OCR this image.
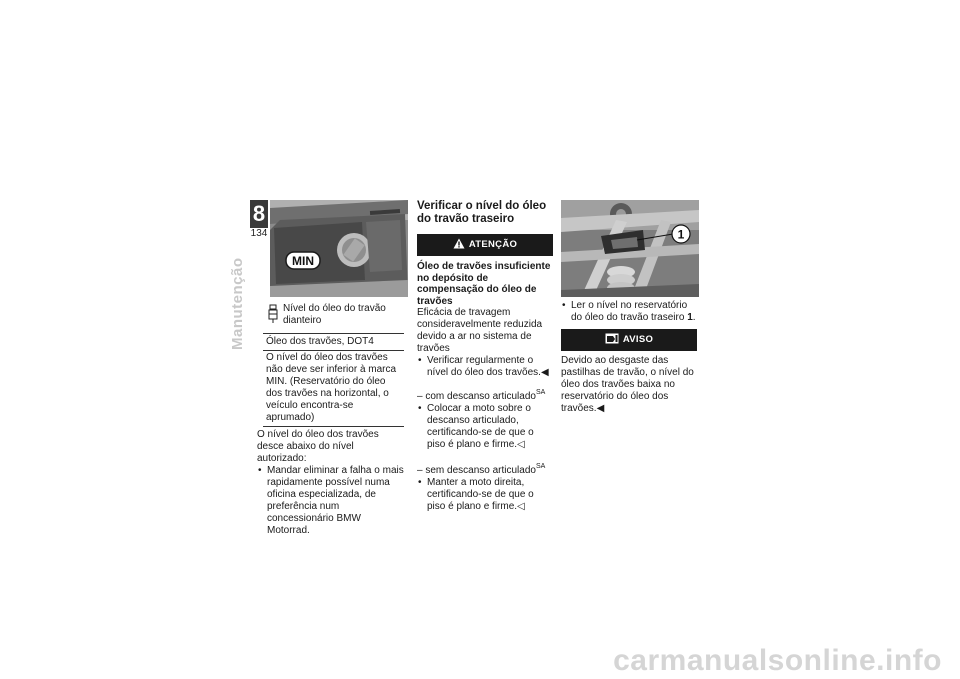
8
134
Manutenção	MIN
Nível do óleo do travão dianteiro
Óleo dos travões, DOT4
O nível do óleo dos travões não deve ser inferior à marca MIN. (Reservatório do óleo dos travões na horizontal, o veículo encontra-se aprumado)
O nível do óleo dos travões desce abaixo do nível autorizado:
• Mandar eliminar a falha o mais rapidamente possível numa oficina especializada, de preferência num concessionário BMW Motorrad.
Verificar o nível do óleo do travão traseiro
ATENÇÃO
Óleo de travões insuficiente no depósito de compensação do óleo de travões
Eficácia de travagem consideravelmente reduzida devido a ar no sistema de travões
• Verificar regularmente o nível do óleo dos travões.◀
– com descanso articulado$^{SA}$
• Colocar a moto sobre o descanso articulado, certificando-se de que o piso é plano e firme.◁
– sem descanso articulado$^{SA}$
• Manter a moto direita, certificando-se de que o piso é plano e firme.◁
1
• Ler o nível no reservatório do óleo do travão traseiro 1.
AVISO
Devido ao desgaste das pastilhas de travão, o nível do óleo dos travões baixa no reservatório do óleo dos travões.◀
carmanualsonline.info
